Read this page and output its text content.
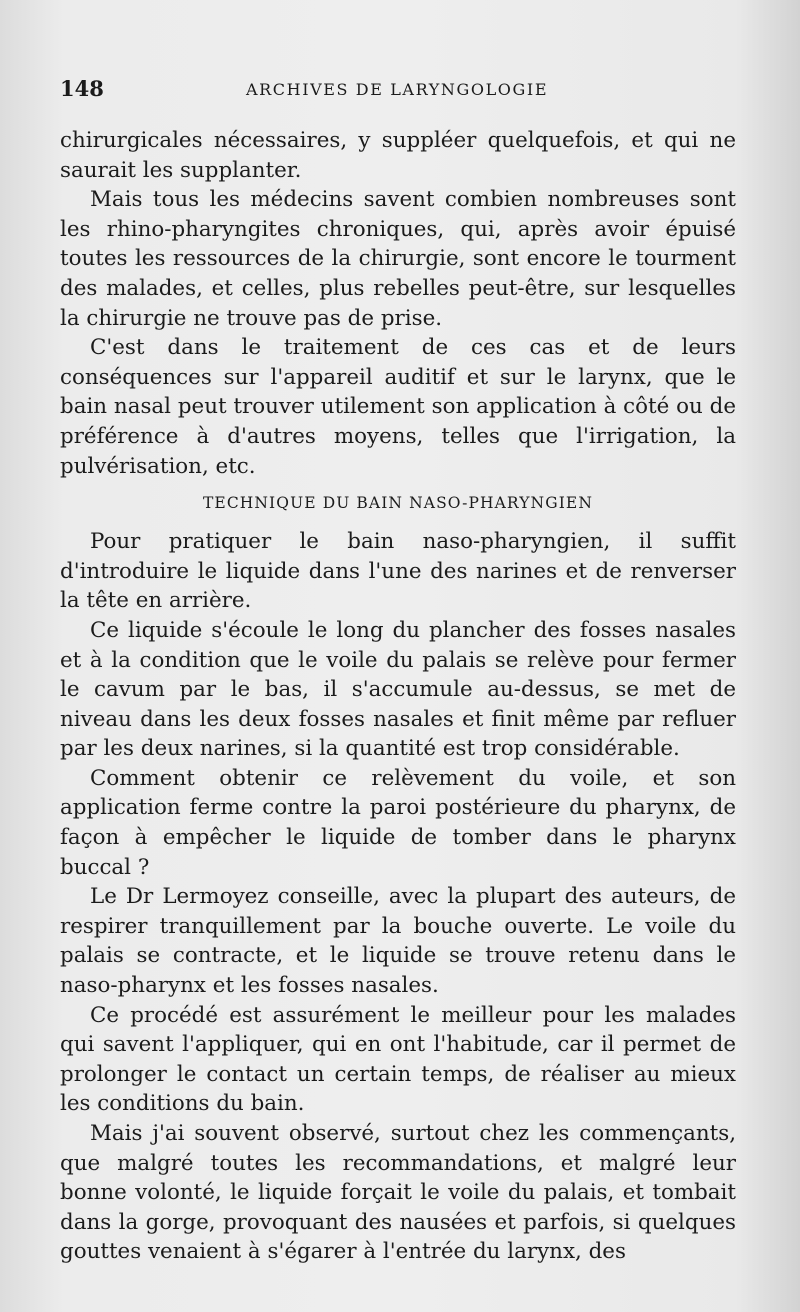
148	ARCHIVES DE LARYNGOLOGIE

chirurgicales nécessaires, y suppléer quelquefois, et qui ne saurait les supplanter.

Mais tous les médecins savent combien nombreuses sont les rhino-pharyngites chroniques, qui, après avoir épuisé toutes les ressources de la chirurgie, sont encore le tourment des malades, et celles, plus rebelles peut-être, sur lesquelles la chirurgie ne trouve pas de prise.

C'est dans le traitement de ces cas et de leurs conséquences sur l'appareil auditif et sur le larynx, que le bain nasal peut trouver utilement son application à côté ou de préférence à d'autres moyens, telles que l'irrigation, la pulvérisation, etc.

TECHNIQUE DU BAIN NASO-PHARYNGIEN

Pour pratiquer le bain naso-pharyngien, il suffit d'introduire le liquide dans l'une des narines et de renverser la tête en arrière.

Ce liquide s'écoule le long du plancher des fosses nasales et à la condition que le voile du palais se relève pour fermer le cavum par le bas, il s'accumule au-dessus, se met de niveau dans les deux fosses nasales et finit même par refluer par les deux narines, si la quantité est trop considérable.

Comment obtenir ce relèvement du voile, et son application ferme contre la paroi postérieure du pharynx, de façon à empêcher le liquide de tomber dans le pharynx buccal ?

Le Dr Lermoyez conseille, avec la plupart des auteurs, de respirer tranquillement par la bouche ouverte. Le voile du palais se contracte, et le liquide se trouve retenu dans le naso-pharynx et les fosses nasales.

Ce procédé est assurément le meilleur pour les malades qui savent l'appliquer, qui en ont l'habitude, car il permet de prolonger le contact un certain temps, de réaliser au mieux les conditions du bain.

Mais j'ai souvent observé, surtout chez les commençants, que malgré toutes les recommandations, et malgré leur bonne volonté, le liquide forçait le voile du palais, et tombait dans la gorge, provoquant des nausées et parfois, si quelques gouttes venaient à s'égarer à l'entrée du larynx, des
